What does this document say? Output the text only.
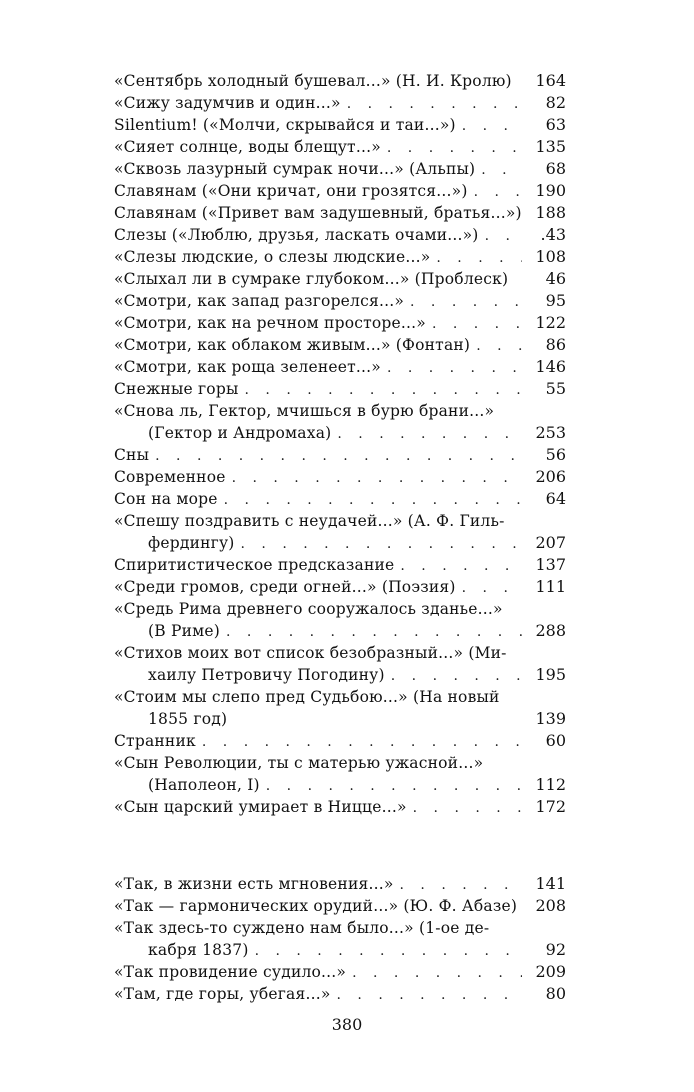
«Сентябрь холодный бушевал...» (Н. И. Кролю)	164
«Сижу задумчив и один...» . . .	82
Silentium! («Молчи, скрывайся и таи...») . . .	63
«Сияет солнце, воды блещут...» . . .	135
«Сквозь лазурный сумрак ночи...» (Альпы) . . .	68
Славянам («Они кричат, они грозятся...») . . .	190
Славянам («Привет вам задушевный, братья...») 188
Слезы («Люблю, друзья, ласкать очами...») . . .	.43
«Слезы людские, о слезы людские...» . . .	108
«Слыхал ли в сумраке глубоком...» (Проблеск)	46
«Смотри, как запад разгорелся...» . . .	95
«Смотри, как на речном просторе...» . . .	122
«Смотри, как облаком живым...» (Фонтан) . . .	86
«Смотри, как роща зеленеет...» . . .	146
Снежные горы . . .	55
«Снова ль, Гектор, мчишься в бурю брани...»
(Гектор и Андромаха) . . .	253
Сны . . .	56
Современное . . .	206
Сон на море . . .	64
«Спешу поздравить с неудачей...» (А. Ф. Гиль-
фердингу) . . .	207
Спиритистическое предсказание . . .	137
«Среди громов, среди огней...» (Поэзия) . . .	111
«Средь Рима древнего сооружалось зданье...»
(В Риме) . . .	288
«Стихов моих вот список безобразный...» (Ми-
хаилу Петровичу Погодину) . . .	195
«Стоим мы слепо пред Судьбою...» (На новый
1855 год)	139
Странник . . .	60
«Сын Революции, ты с матерью ужасной...»
(Наполеон, I) . . .	112
«Сын царский умирает в Ницце...» . . .	172
«Так, в жизни есть мгновения...» . . .	141
«Так — гармонических орудий...» (Ю. Ф. Абазе)	208
«Так здесь-то суждено нам было...» (1-ое де-
кабря 1837) . . .	92
«Так провидение судило...» . . .	209
«Там, где горы, убегая...» . . .	80
380
